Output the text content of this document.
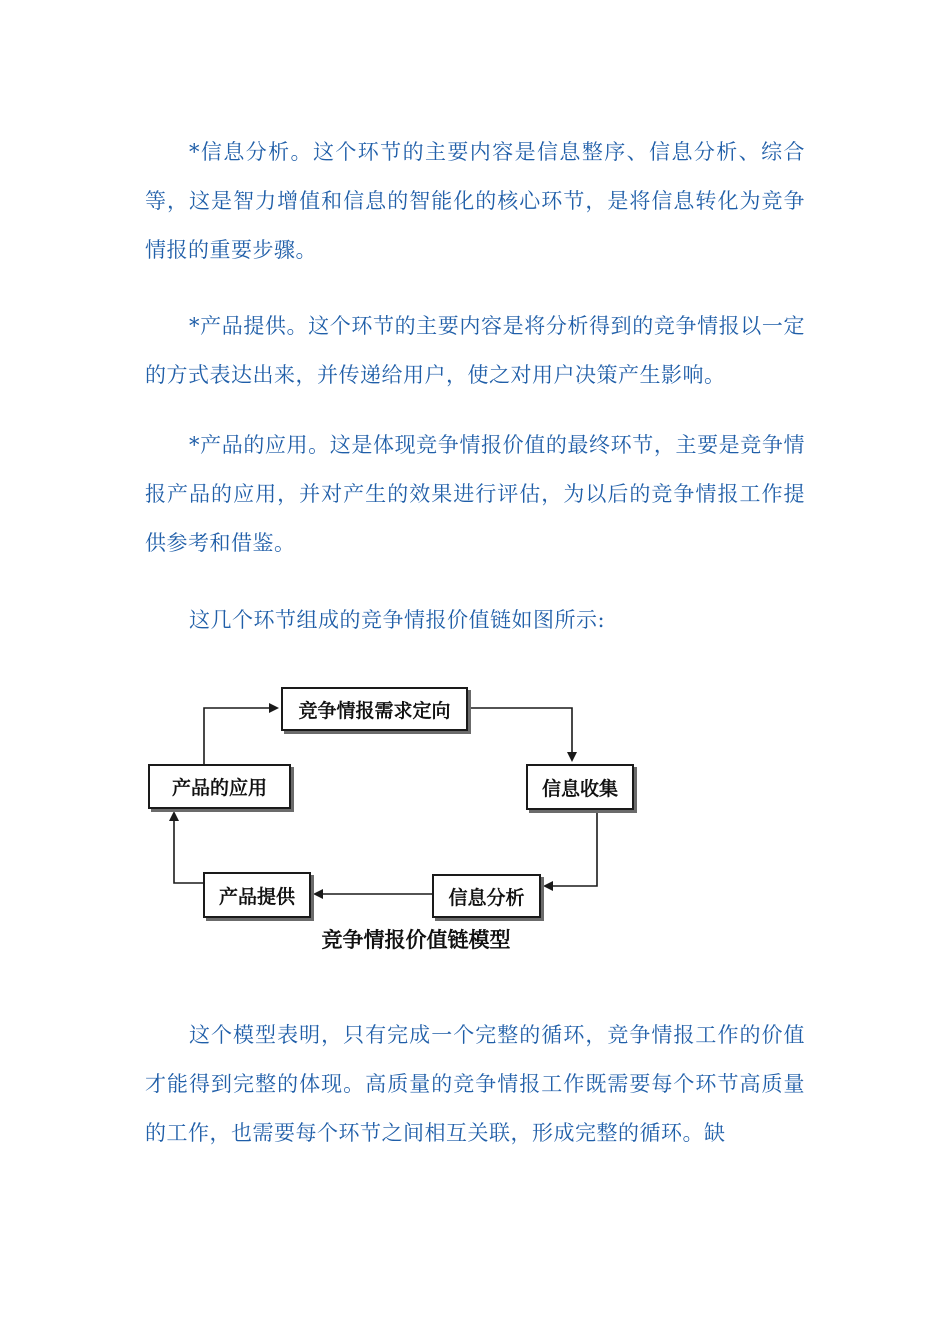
*信息分析。这个环节的主要内容是信息整序、信息分析、综合等，这是智力增值和信息的智能化的核心环节，是将信息转化为竞争情报的重要步骤。

*产品提供。这个环节的主要内容是将分析得到的竞争情报以一定的方式表达出来，并传递给用户，使之对用户决策产生影响。

*产品的应用。这是体现竞争情报价值的最终环节，主要是竞争情报产品的应用，并对产生的效果进行评估，为以后的竞争情报工作提供参考和借鉴。

这几个环节组成的竞争情报价值链如图所示:

竞争情报需求定向
信息收集
信息分析
产品提供
产品的应用
竞争情报价值链模型

这个模型表明，只有完成一个完整的循环，竞争情报工作的价值才能得到完整的体现。高质量的竞争情报工作既需要每个环节高质量的工作，也需要每个环节之间相互关联，形成完整的循环。缺
